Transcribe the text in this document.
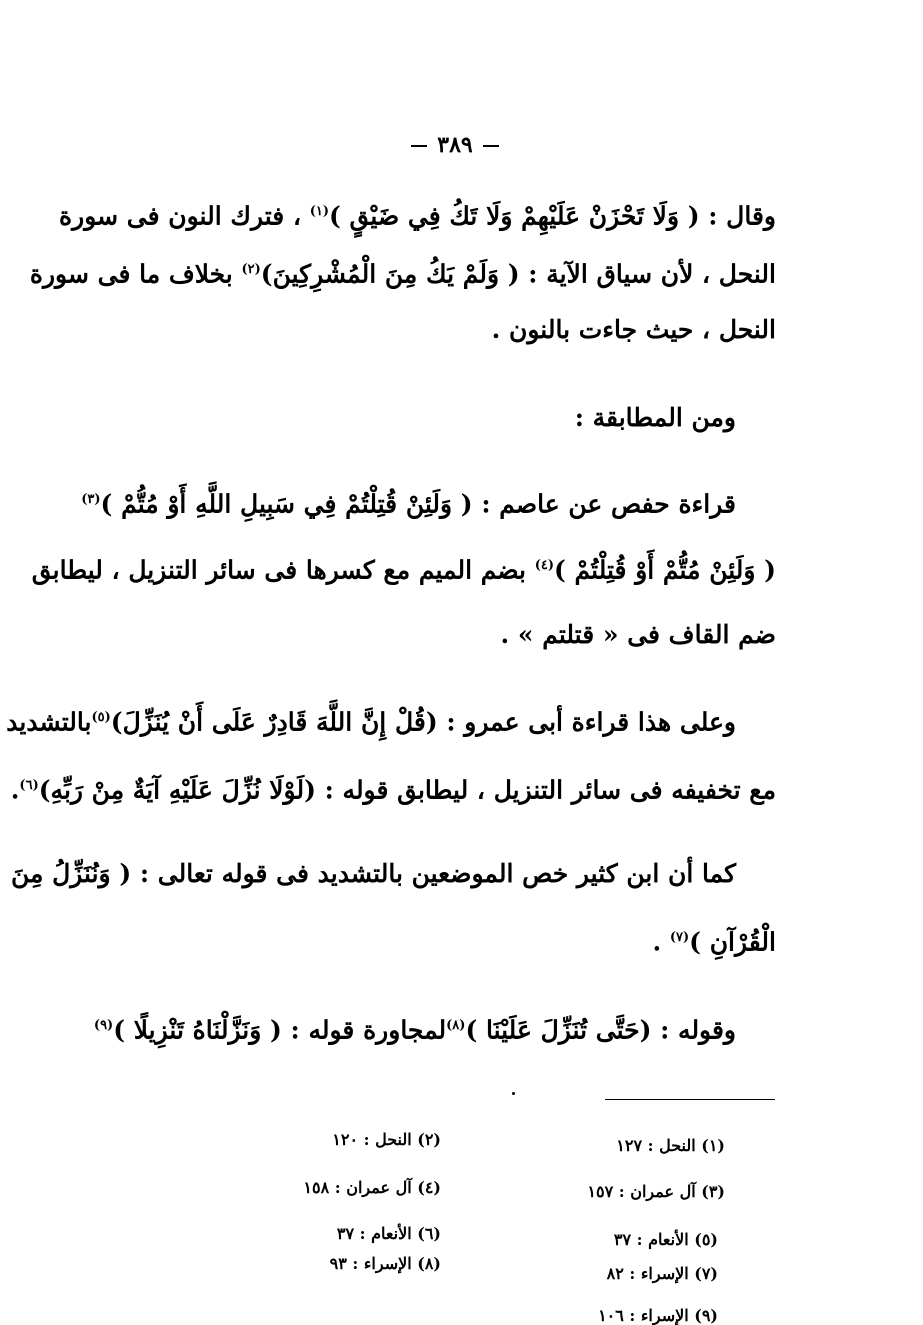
٣٨٩
وقال : ( وَلَا تَحْزَنْ عَلَيْهِمْ وَلَا تَكُ فِي ضَيْقٍ )$^{(١)}$ ، فترك النون فى سورة
النحل ، لأن سياق الآية : ( وَلَمْ يَكُ مِنَ الْمُشْرِكِينَ)$^{(٢)}$ بخلاف ما فى سورة
النحل ، حيث جاءت بالنون .
ومن المطابقة :
قراءة حفص عن عاصم : ( وَلَئِنْ قُتِلْتُمْ فِي سَبِيلِ اللَّهِ أَوْ مُتُّمْ )$^{(٣)}$
( وَلَئِنْ مُتُّمْ أَوْ قُتِلْتُمْ )$^{(٤)}$ بضم الميم مع كسرها فى سائر التنزيل ، ليطابق
ضم القاف فى « قتلتم » .
وعلى هذا قراءة أبى عمرو : (قُلْ إِنَّ اللَّهَ قَادِرٌ عَلَى أَنْ يُنَزِّلَ)$^{(٥)}$بالتشديد
مع تخفيفه فى سائر التنزيل ، ليطابق قوله : (لَوْلَا نُزِّلَ عَلَيْهِ آيَةٌ مِنْ رَبِّهِ)$^{(٦)}$.
كما أن ابن كثير خص الموضعين بالتشديد فى قوله تعالى : ( وَنُنَزِّلُ مِنَ
الْقُرْآنِ )$^{(٧)}$ .
وقوله : (حَتَّى تُنَزِّلَ عَلَيْنَا )$^{(٨)}$لمجاورة قوله : ( وَنَزَّلْنَاهُ تَنْزِيلًا )$^{(٩)}$
(١) النحل : ١٢٧
(٣) آل عمران : ١٥٧
(٥) الأنعام : ٣٧
(٧) الإسراء : ٨٢
(٩) الإسراء : ١٠٦
(٢) النحل : ١٢٠
(٤) آل عمران : ١٥٨
(٦) الأنعام : ٣٧
(٨) الإسراء : ٩٣
